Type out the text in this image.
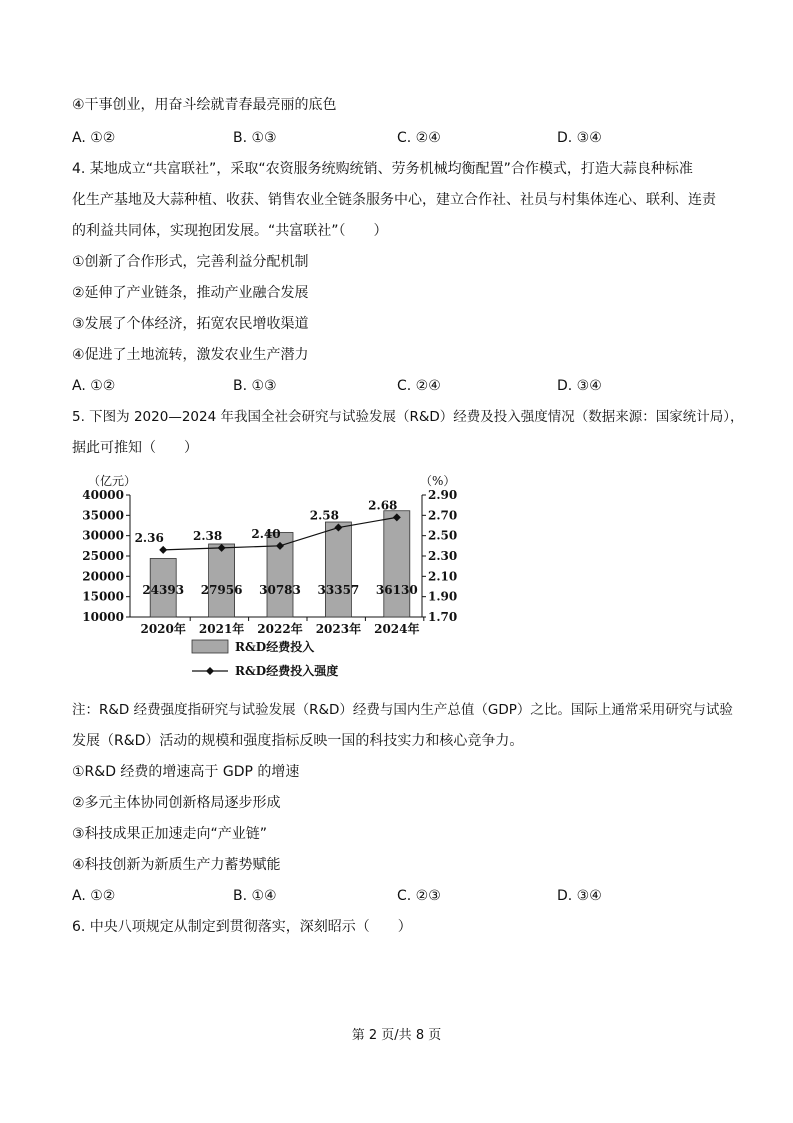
④干事创业，用奋斗绘就青春最亮丽的底色
A. ①②	B. ①③	C. ②④	D. ③④
4. 某地成立“共富联社”，采取“农资服务统购统销、劳务机械均衡配置”合作模式，打造大蒜良种标准
化生产基地及大蒜种植、收获、销售农业全链条服务中心，建立合作社、社员与村集体连心、联利、连责
的利益共同体，实现抱团发展。“共富联社”（　　）
①创新了合作形式，完善利益分配机制
②延伸了产业链条，推动产业融合发展
③发展了个体经济，拓宽农民增收渠道
④促进了土地流转，激发农业生产潜力
A. ①②	B. ①③	C. ②④	D. ③④
5. 下图为 2020—2024 年我国全社会研究与试验发展（R&D）经费及投入强度情况（数据来源：国家统计局），
据此可推知（　　）
（亿元）	（%）
40000
35000
30000
25000
20000
15000
10000
2.90
2.70
2.50
2.30
2.10
1.90
1.70
24393
2020年
27956
2021年
30783
2022年
33357
2023年
36130
2024年
2.36 2.38 2.40
2.58
2.68
R&D经费投入
R&D经费投入强度
注：R&D 经费强度指研究与试验发展（R&D）经费与国内生产总值（GDP）之比。国际上通常采用研究与试验
发展（R&D）活动的规模和强度指标反映一国的科技实力和核心竞争力。
①R&D 经费的增速高于 GDP 的增速
②多元主体协同创新格局逐步形成
③科技成果正加速走向“产业链”
④科技创新为新质生产力蓄势赋能
A. ①②	B. ①④	C. ②③	D. ③④
6. 中央八项规定从制定到贯彻落实，深刻昭示（　　）
第 2 页/共 8 页
